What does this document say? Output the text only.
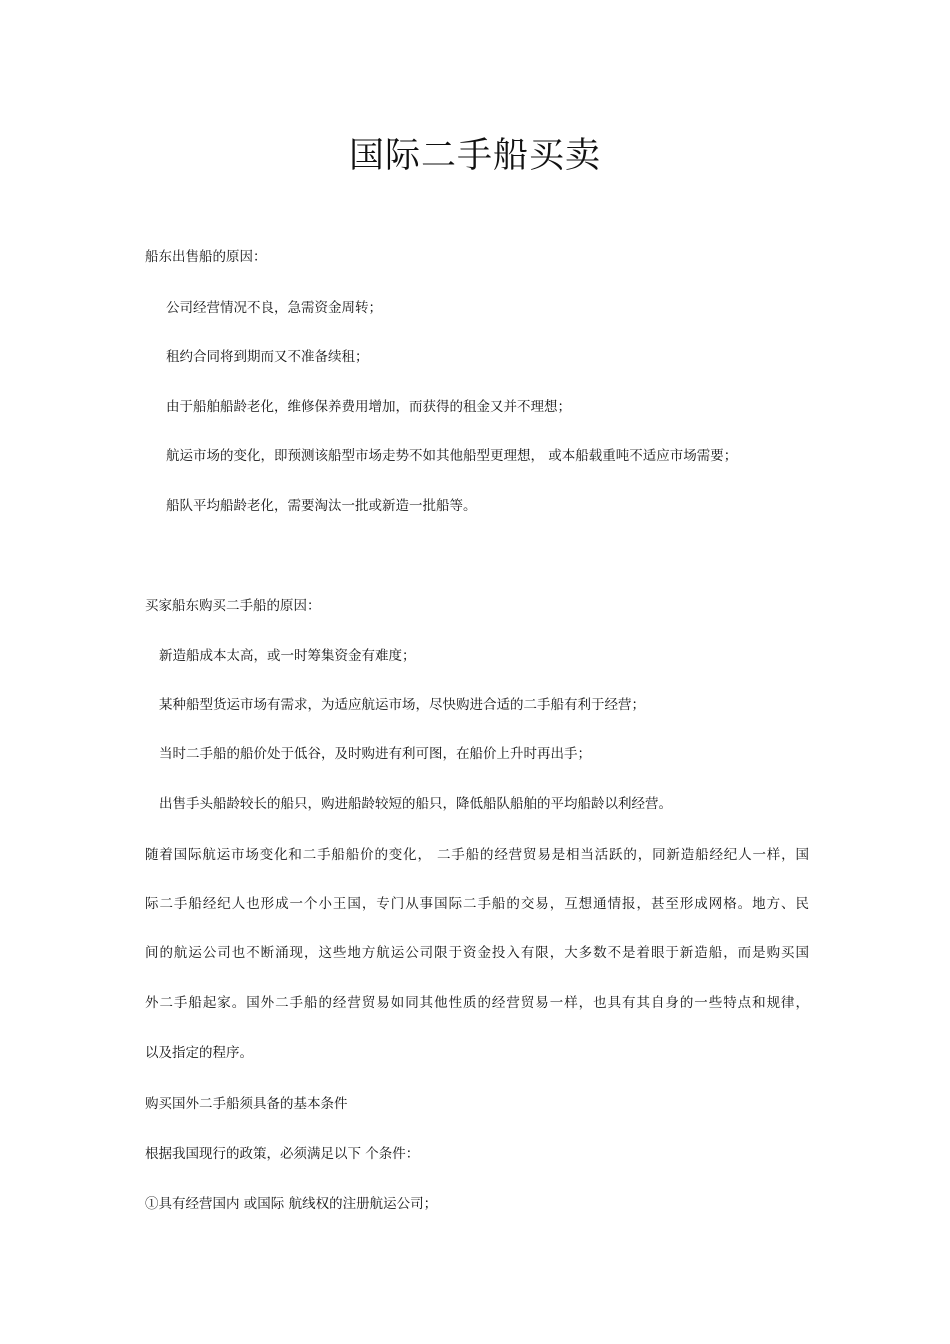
国际二手船买卖
船东出售船的原因：
公司经营情况不良，急需资金周转；
租约合同将到期而又不准备续租；
由于船舶船龄老化，维修保养费用增加，而获得的租金又并不理想；
航运市场的变化，即预测该船型市场走势不如其他船型更理想， 或本船载重吨不适应市场需要；
船队平均船龄老化，需要淘汰一批或新造一批船等。
买家船东购买二手船的原因：
新造船成本太高，或一时筹集资金有难度；
某种船型货运市场有需求，为适应航运市场，尽快购进合适的二手船有利于经营；
当时二手船的船价处于低谷，及时购进有利可图，在船价上升时再出手；
出售手头船龄较长的船只，购进船龄较短的船只，降低船队船舶的平均船龄以利经营。
随着国际航运市场变化和二手船船价的变化， 二手船的经营贸易是相当活跃的，同新造船经纪人一样，国
际二手船经纪人也形成一个小王国，专门从事国际二手船的交易，互想通情报，甚至形成网格。地方、民
间的航运公司也不断涌现，这些地方航运公司限于资金投入有限，大多数不是着眼于新造船，而是购买国
外二手船起家。国外二手船的经营贸易如同其他性质的经营贸易一样，也具有其自身的一些特点和规律，
以及指定的程序。
购买国外二手船须具备的基本条件
根据我国现行的政策，必须满足以下 个条件：
①具有经营国内 或国际 航线权的注册航运公司；
